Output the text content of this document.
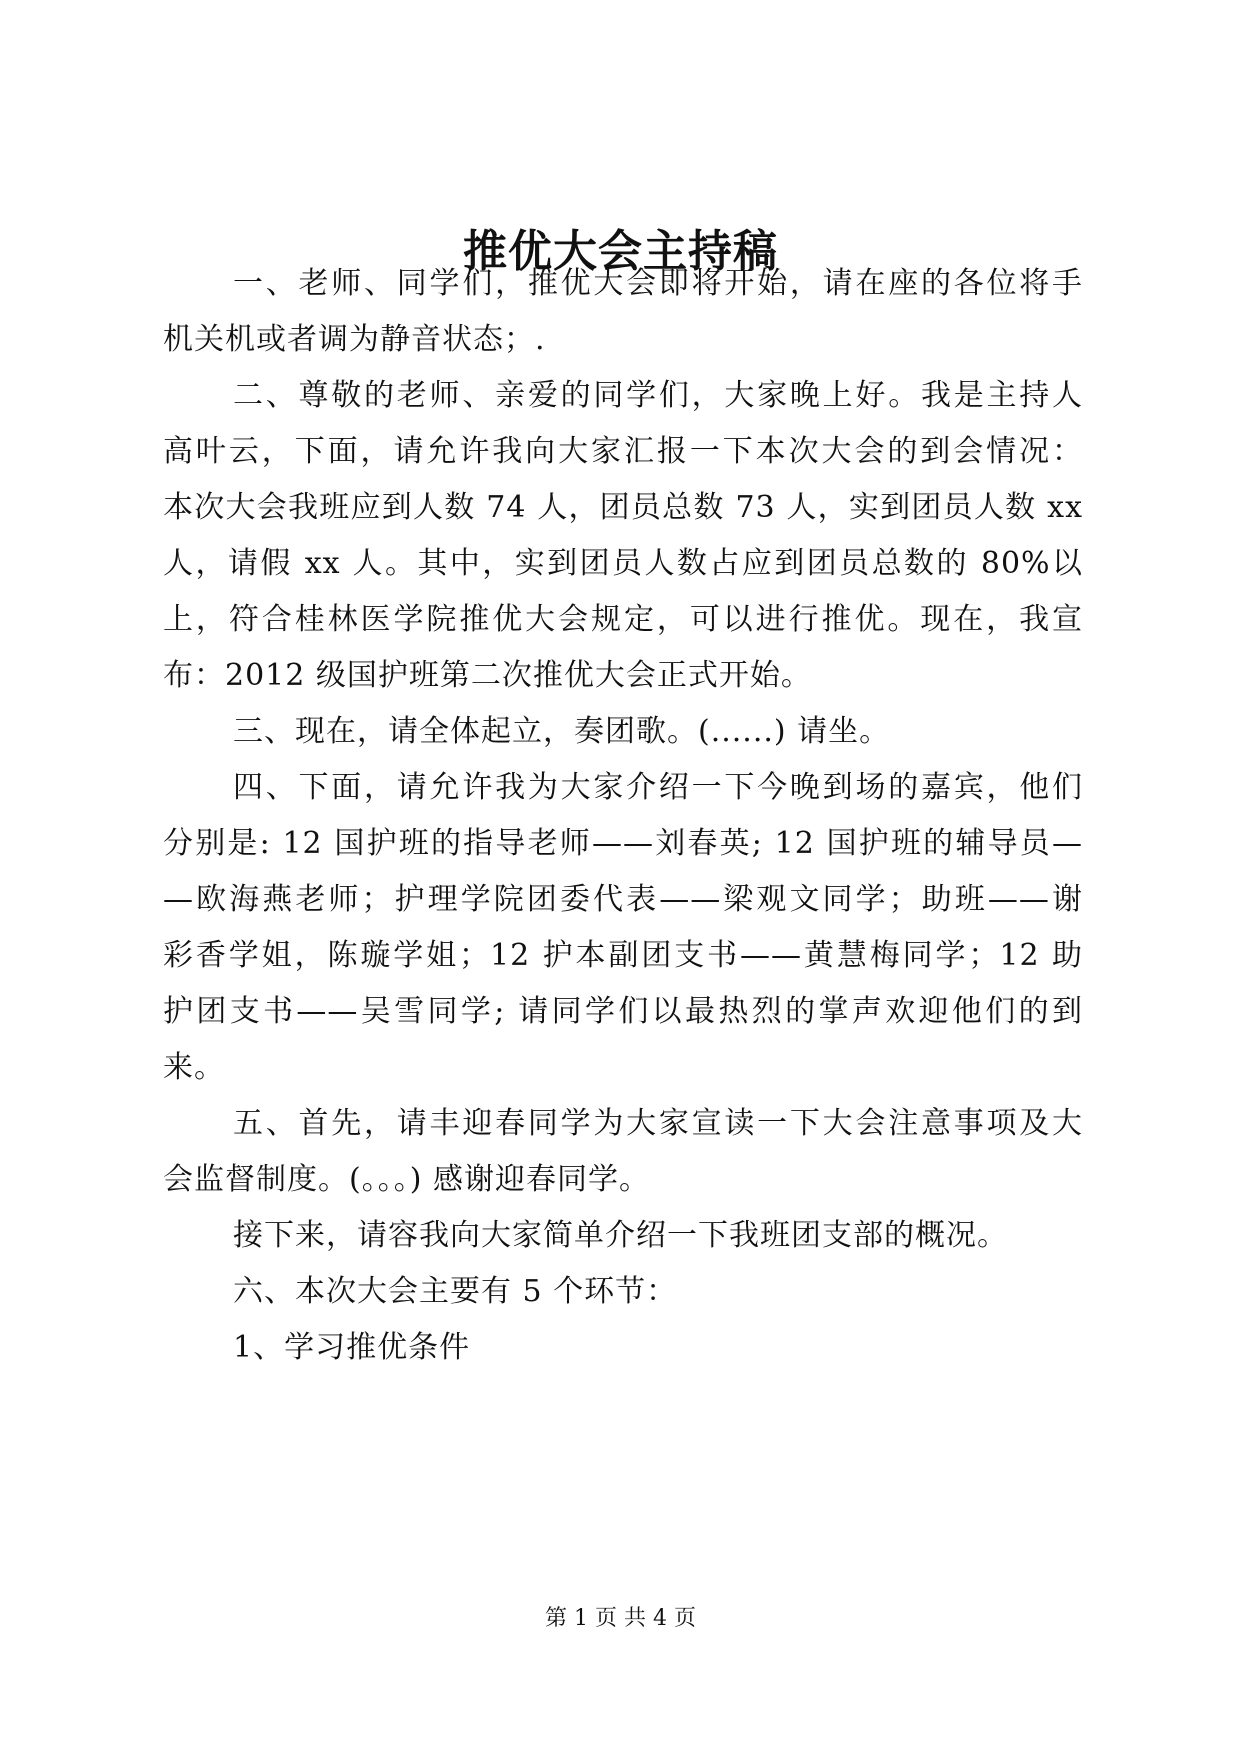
推优大会主持稿
一、老师、同学们，推优大会即将开始，请在座的各位将手
机关机或者调为静音状态；.
二、尊敬的老师、亲爱的同学们，大家晚上好。我是主持人
高叶云，下面，请允许我向大家汇报一下本次大会的到会情况：
本次大会我班应到人数 74 人，团员总数 73 人，实到团员人数 xx
人，请假 xx 人。其中，实到团员人数占应到团员总数的 80%以
上，符合桂林医学院推优大会规定，可以进行推优。现在，我宣
布：2012 级国护班第二次推优大会正式开始。
三、现在，请全体起立，奏团歌。(......) 请坐。
四、下面，请允许我为大家介绍一下今晚到场的嘉宾，他们
分别是: 12 国护班的指导老师——刘春英; 12 国护班的辅导员—
—欧海燕老师；护理学院团委代表——梁观文同学；助班——谢
彩香学姐，陈璇学姐；12 护本副团支书——黄慧梅同学；12 助
护团支书——吴雪同学; 请同学们以最热烈的掌声欢迎他们的到
来。
五、首先，请丰迎春同学为大家宣读一下大会注意事项及大
会监督制度。(。。。) 感谢迎春同学。
接下来，请容我向大家简单介绍一下我班团支部的概况。
六、本次大会主要有 5 个环节：
1、学习推优条件
第 1 页 共 4 页
